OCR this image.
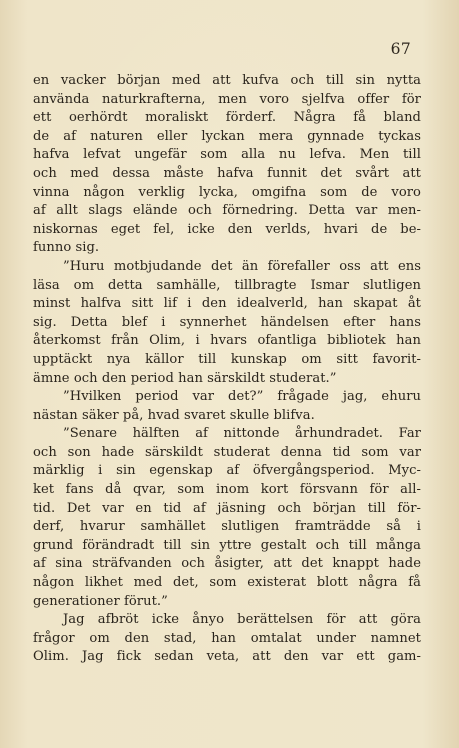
67
en vacker början med att kufva och till sin nytta
använda naturkrafterna, men voro sjelfva offer för
ett oerhördt moraliskt förderf. Några få bland
de af naturen eller lyckan mera gynnade tyckas
hafva lefvat ungefär som alla nu lefva. Men till
och med dessa måste hafva funnit det svårt att
vinna någon verklig lycka, omgifna som de voro
af allt slags elände och förnedring. Detta var men-
niskornas eget fel, icke den verlds, hvari de be-
funno sig.
”Huru motbjudande det än förefaller oss att ens
läsa om detta samhälle, tillbragte Ismar slutligen
minst halfva sitt lif i den idealverld, han skapat åt
sig. Detta blef i synnerhet händelsen efter hans
återkomst från Olim, i hvars ofantliga bibliotek han
upptäckt nya källor till kunskap om sitt favorit-
ämne och den period han särskildt studerat.”
”Hvilken period var det?” frågade jag, ehuru
nästan säker på, hvad svaret skulle blifva.
”Senare hälften af nittonde århundradet. Far
och son hade särskildt studerat denna tid som var
märklig i sin egenskap af öfvergångsperiod. Myc-
ket fans då qvar, som inom kort försvann för all-
tid. Det var en tid af jäsning och början till för-
derf, hvarur samhället slutligen framträdde så i
grund förändradt till sin yttre gestalt och till många
af sina sträfvanden och åsigter, att det knappt hade
någon likhet med det, som existerat blott några få
generationer förut.”
Jag afbröt icke ånyo berättelsen för att göra
frågor om den stad, han omtalat under namnet
Olim. Jag fick sedan veta, att den var ett gam-
